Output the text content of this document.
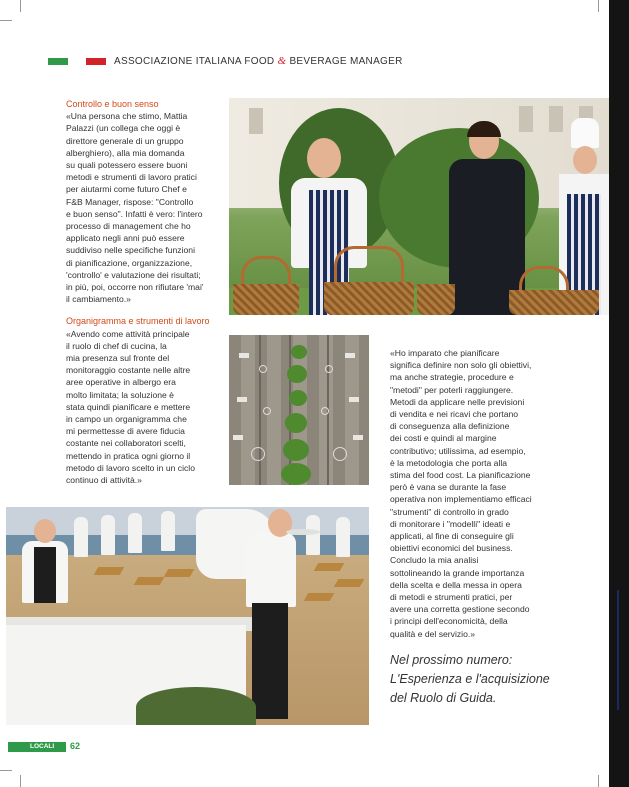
ASSOCIAZIONE ITALIANA FOOD & BEVERAGE MANAGER
Controllo e buon senso
«Una persona che stimo, Mattia
Palazzi (un collega che oggi è
direttore generale di un gruppo
alberghiero), alla mia domanda
su quali potessero essere buoni
metodi e strumenti di lavoro pratici
per aiutarmi come futuro Chef e
F&B Manager, rispose: "Controllo
e buon senso". Infatti è vero: l'intero
processo di management che ho
applicato negli anni può essere
suddiviso nelle specifiche funzioni
di pianificazione, organizzazione,
'controllo' e valutazione dei risultati;
in più, poi, occorre non rifiutare 'mai'
il cambiamento.»
Organigramma e strumenti di lavoro
«Avendo come attività principale
il ruolo di chef di cucina, la
mia presenza sul fronte del
monitoraggio costante nelle altre
aree operative in albergo era
molto limitata; la soluzione è
stata quindi pianificare e mettere
in campo un organigramma che
mi permettesse di avere fiducia
costante nei collaboratori scelti,
mettendo in pratica ogni giorno il
metodo di lavoro scelto in un ciclo
continuo di attività.»
«Ho imparato che pianificare
significa definire non solo gli obiettivi,
ma anche strategie, procedure e
"metodi" per poterli raggiungere.
Metodi da applicare nelle previsioni
di vendita e nei ricavi che portano
di conseguenza alla definizione
dei costi e quindi al margine
contributivo; utilissima, ad esempio,
è la metodologia che porta alla
stima del food cost. La pianificazione
però è vana se durante la fase
operativa non implementiamo efficaci
"strumenti" di controllo in grado
di monitorare i "modelli" ideati e
applicati, al fine di conseguire gli
obiettivi economici del business.
Concludo la mia analisi
sottolineando la grande importanza
della scelta e della messa in opera
di metodi e strumenti pratici, per
avere una corretta gestione secondo
i principi dell'economicità, della
qualità e del servizio.»
Nel prossimo numero:
L'Esperienza e l'acquisizione
del Ruolo di Guida.
LOCALI TOP
62
